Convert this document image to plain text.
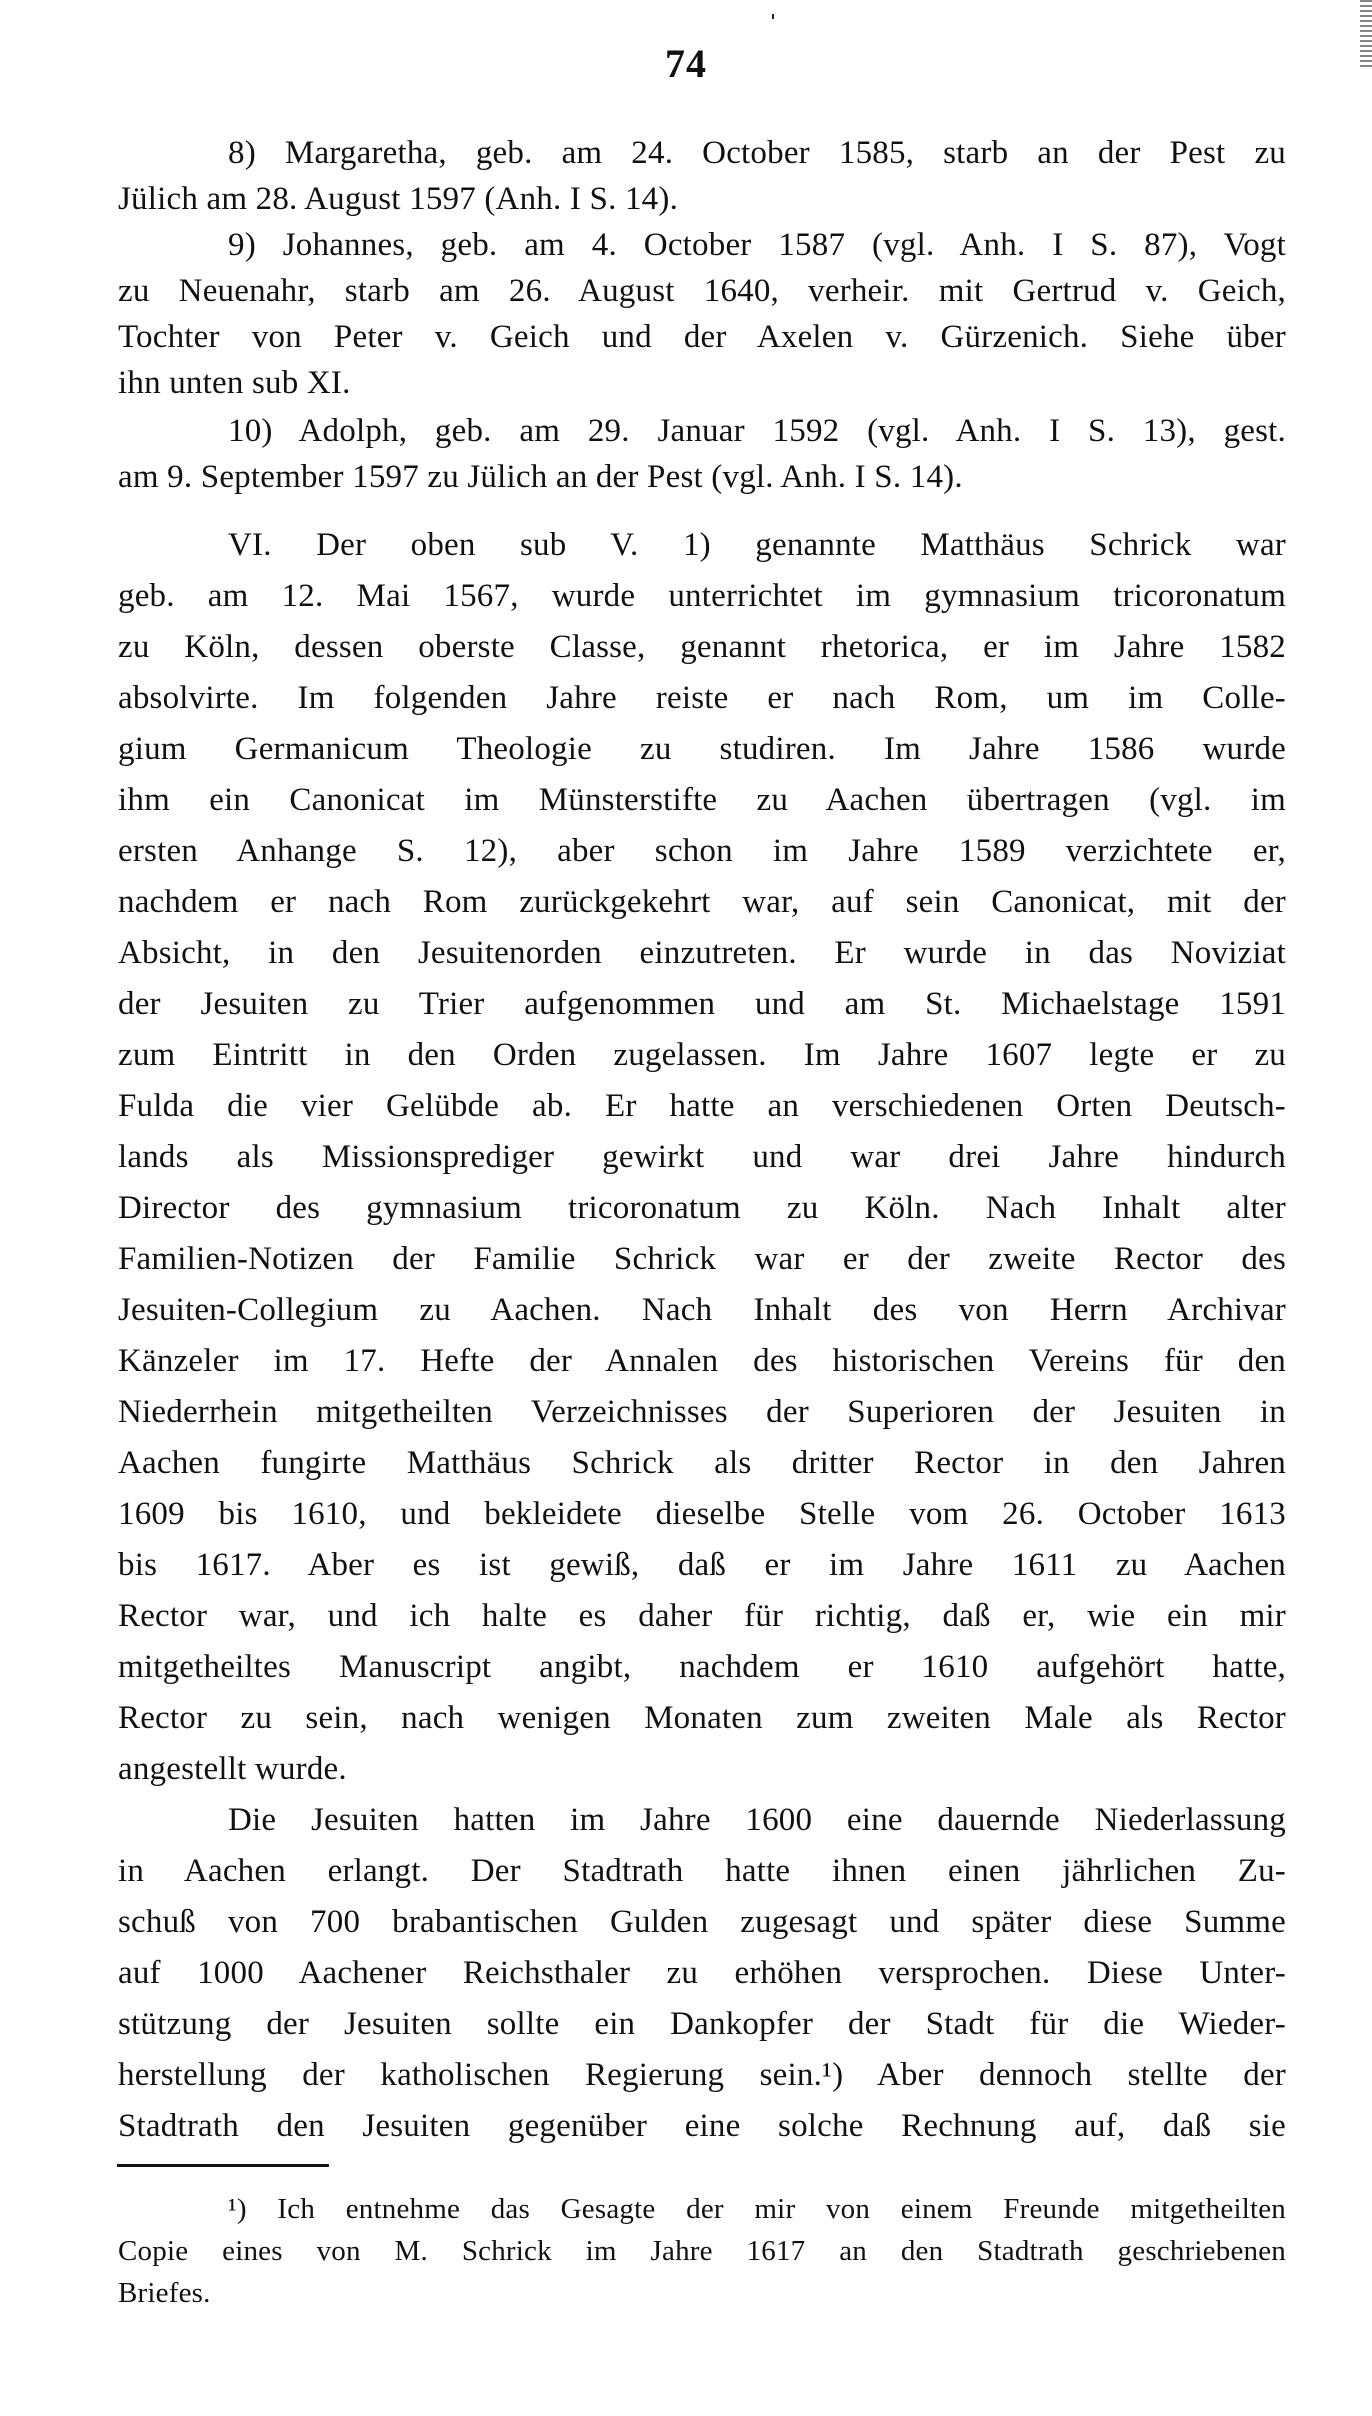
74
8) Margaretha, geb. am 24. October 1585, starb an der Pest zu
Jülich am 28. August 1597 (Anh. I S. 14).
9) Johannes, geb. am 4. October 1587 (vgl. Anh. I S. 87), Vogt
zu Neuenahr, starb am 26. August 1640, verheir. mit Gertrud v. Geich,
Tochter von Peter v. Geich und der Axelen v. Gürzenich. Siehe über
ihn unten sub XI.
10) Adolph, geb. am 29. Januar 1592 (vgl. Anh. I S. 13), gest.
am 9. September 1597 zu Jülich an der Pest (vgl. Anh. I S. 14).
VI. Der oben sub V. 1) genannte Matthäus Schrick war
geb. am 12. Mai 1567, wurde unterrichtet im gymnasium tricoronatum
zu Köln, dessen oberste Classe, genannt rhetorica, er im Jahre 1582
absolvirte. Im folgenden Jahre reiste er nach Rom, um im Colle-
gium Germanicum Theologie zu studiren. Im Jahre 1586 wurde
ihm ein Canonicat im Münsterstifte zu Aachen übertragen (vgl. im
ersten Anhange S. 12), aber schon im Jahre 1589 verzichtete er,
nachdem er nach Rom zurückgekehrt war, auf sein Canonicat, mit der
Absicht, in den Jesuitenorden einzutreten. Er wurde in das Noviziat
der Jesuiten zu Trier aufgenommen und am St. Michaelstage 1591
zum Eintritt in den Orden zugelassen. Im Jahre 1607 legte er zu
Fulda die vier Gelübde ab. Er hatte an verschiedenen Orten Deutsch-
lands als Missionsprediger gewirkt und war drei Jahre hindurch
Director des gymnasium tricoronatum zu Köln. Nach Inhalt alter
Familien-Notizen der Familie Schrick war er der zweite Rector des
Jesuiten-Collegium zu Aachen. Nach Inhalt des von Herrn Archivar
Känzeler im 17. Hefte der Annalen des historischen Vereins für den
Niederrhein mitgetheilten Verzeichnisses der Superioren der Jesuiten in
Aachen fungirte Matthäus Schrick als dritter Rector in den Jahren
1609 bis 1610, und bekleidete dieselbe Stelle vom 26. October 1613
bis 1617. Aber es ist gewiß, daß er im Jahre 1611 zu Aachen
Rector war, und ich halte es daher für richtig, daß er, wie ein mir
mitgetheiltes Manuscript angibt, nachdem er 1610 aufgehört hatte,
Rector zu sein, nach wenigen Monaten zum zweiten Male als Rector
angestellt wurde.
Die Jesuiten hatten im Jahre 1600 eine dauernde Niederlassung
in Aachen erlangt. Der Stadtrath hatte ihnen einen jährlichen Zu-
schuß von 700 brabantischen Gulden zugesagt und später diese Summe
auf 1000 Aachener Reichsthaler zu erhöhen versprochen. Diese Unter-
stützung der Jesuiten sollte ein Dankopfer der Stadt für die Wieder-
herstellung der katholischen Regierung sein.¹) Aber dennoch stellte der
Stadtrath den Jesuiten gegenüber eine solche Rechnung auf, daß sie
¹) Ich entnehme das Gesagte der mir von einem Freunde mitgetheilten
Copie eines von M. Schrick im Jahre 1617 an den Stadtrath geschriebenen
Briefes.
